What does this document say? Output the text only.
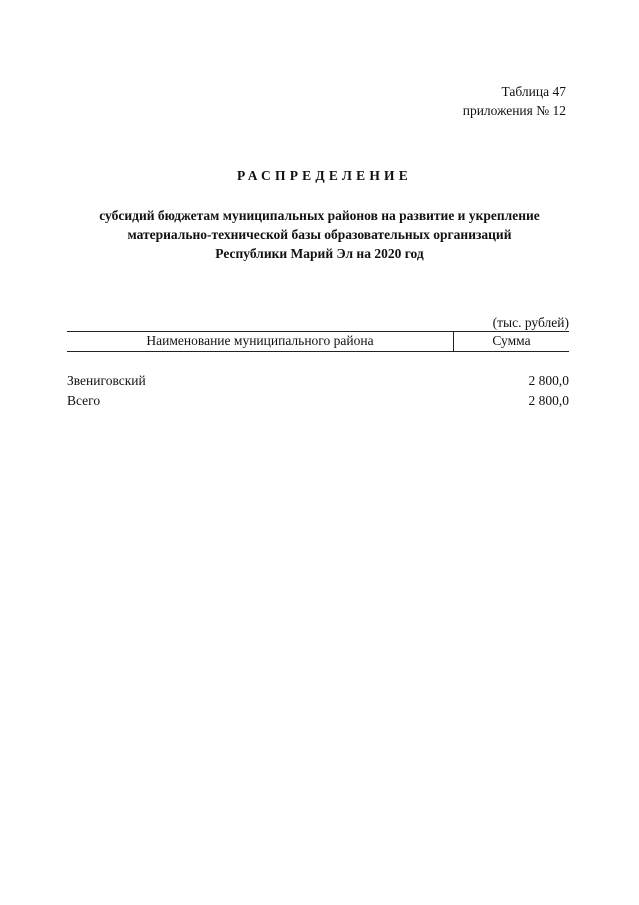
Таблица 47
приложения № 12
РАСПРЕДЕЛЕНИЕ
субсидий бюджетам муниципальных районов на развитие и укрепление
материально-технической базы образовательных организаций
Республики Марий Эл на 2020 год
(тыс. рублей)
Наименование муниципального района	Сумма
Звениговский	2 800,0
Всего	2 800,0
